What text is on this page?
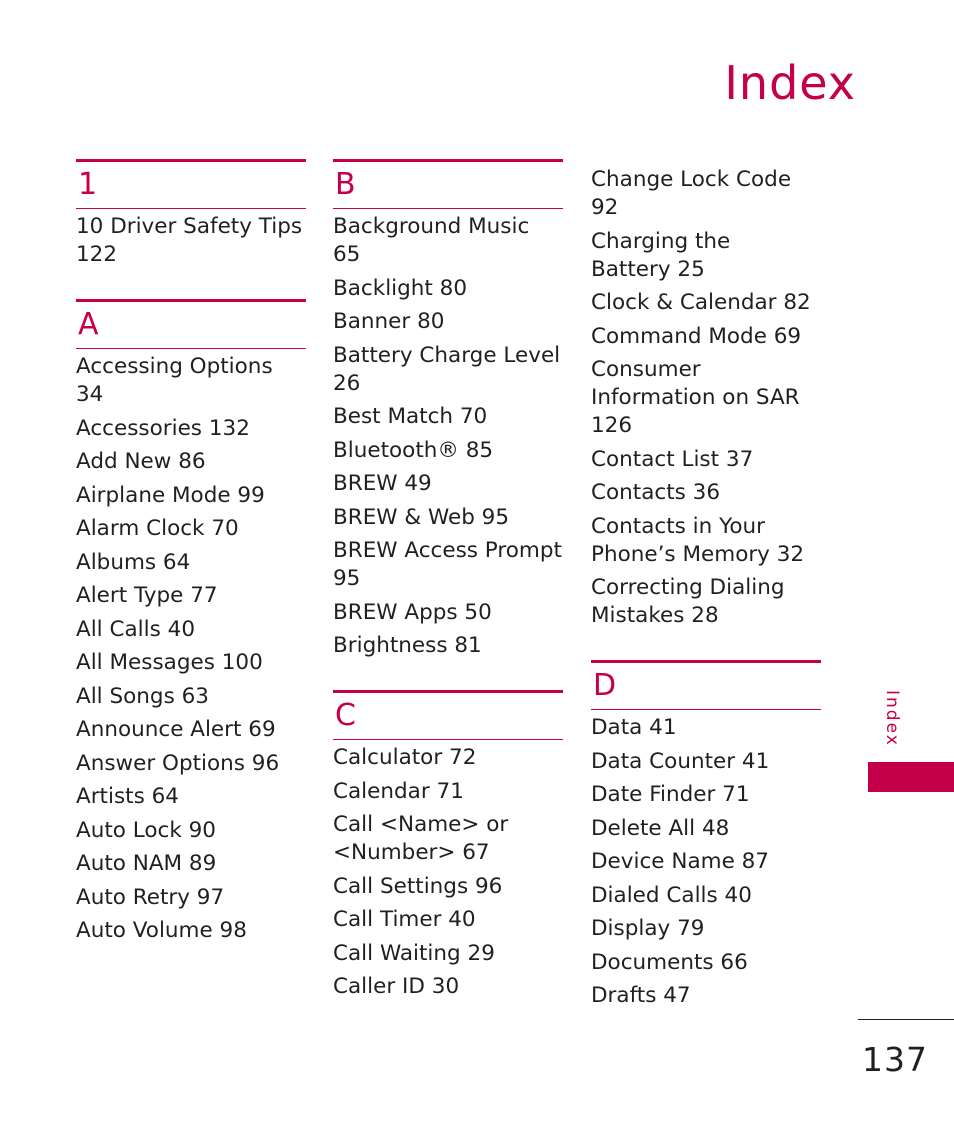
Index
1
10 Driver Safety Tips 122
A
Accessing Options 34
Accessories 132
Add New 86
Airplane Mode 99
Alarm Clock 70
Albums 64
Alert Type 77
All Calls 40
All Messages 100
All Songs 63
Announce Alert 69
Answer Options 96
Artists 64
Auto Lock 90
Auto NAM 89
Auto Retry 97
Auto Volume 98
B
Background Music 65
Backlight 80
Banner 80
Battery Charge Level 26
Best Match 70
Bluetooth® 85
BREW 49
BREW & Web 95
BREW Access Prompt 95
BREW Apps 50
Brightness 81
C
Calculator 72
Calendar 71
Call <Name> or <Number> 67
Call Settings 96
Call Timer 40
Call Waiting 29
Caller ID 30
Change Lock Code 92
Charging the Battery 25
Clock & Calendar 82
Command Mode 69
Consumer Information on SAR 126
Contact List 37
Contacts 36
Contacts in Your Phone’s Memory 32
Correcting Dialing Mistakes 28
D
Data 41
Data Counter 41
Date Finder 71
Delete All 48
Device Name 87
Dialed Calls 40
Display 79
Documents 66
Drafts 47
Index
137
